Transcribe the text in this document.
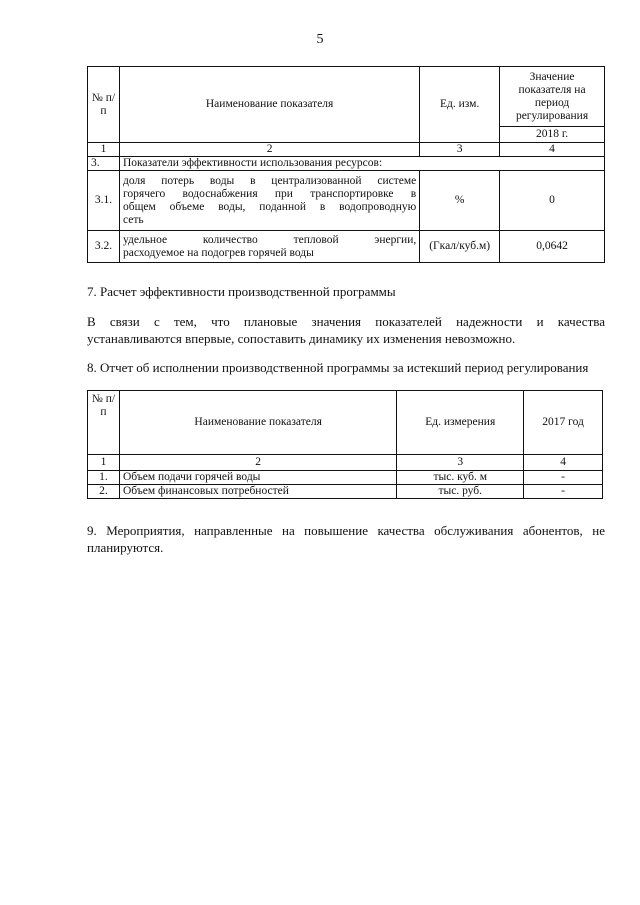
5
№ п/п	Наименование показателя	Ед. изм.	Значение показателя на период регулирования
			2018 г.
1	2	3	4
3.	Показатели эффективности использования ресурсов:		
3.1.	доля потерь воды в централизованной системе
горячего водоснабжения при транспортировке в
общем объеме воды, поданной в водопроводную
сеть	%	0
3.2.	удельное количество тепловой энергии,
расходуемое на подогрев горячей воды	(Гкал/куб.м)	0,0642

7. Расчет эффективности производственной программы

В связи с тем, что плановые значения показателей надежности и качества
устанавливаются впервые, сопоставить динамику их изменения невозможно.

8. Отчет об исполнении производственной программы за истекший период регулирования

№ п/п	Наименование показателя	Ед. измерения	2017 год
1	2	3	4
1.	Объем подачи горячей воды	тыс. куб. м	-
2.	Объем финансовых потребностей	тыс. руб.	-
9. Мероприятия, направленные на повышение качества обслуживания абонентов, не
планируются.
